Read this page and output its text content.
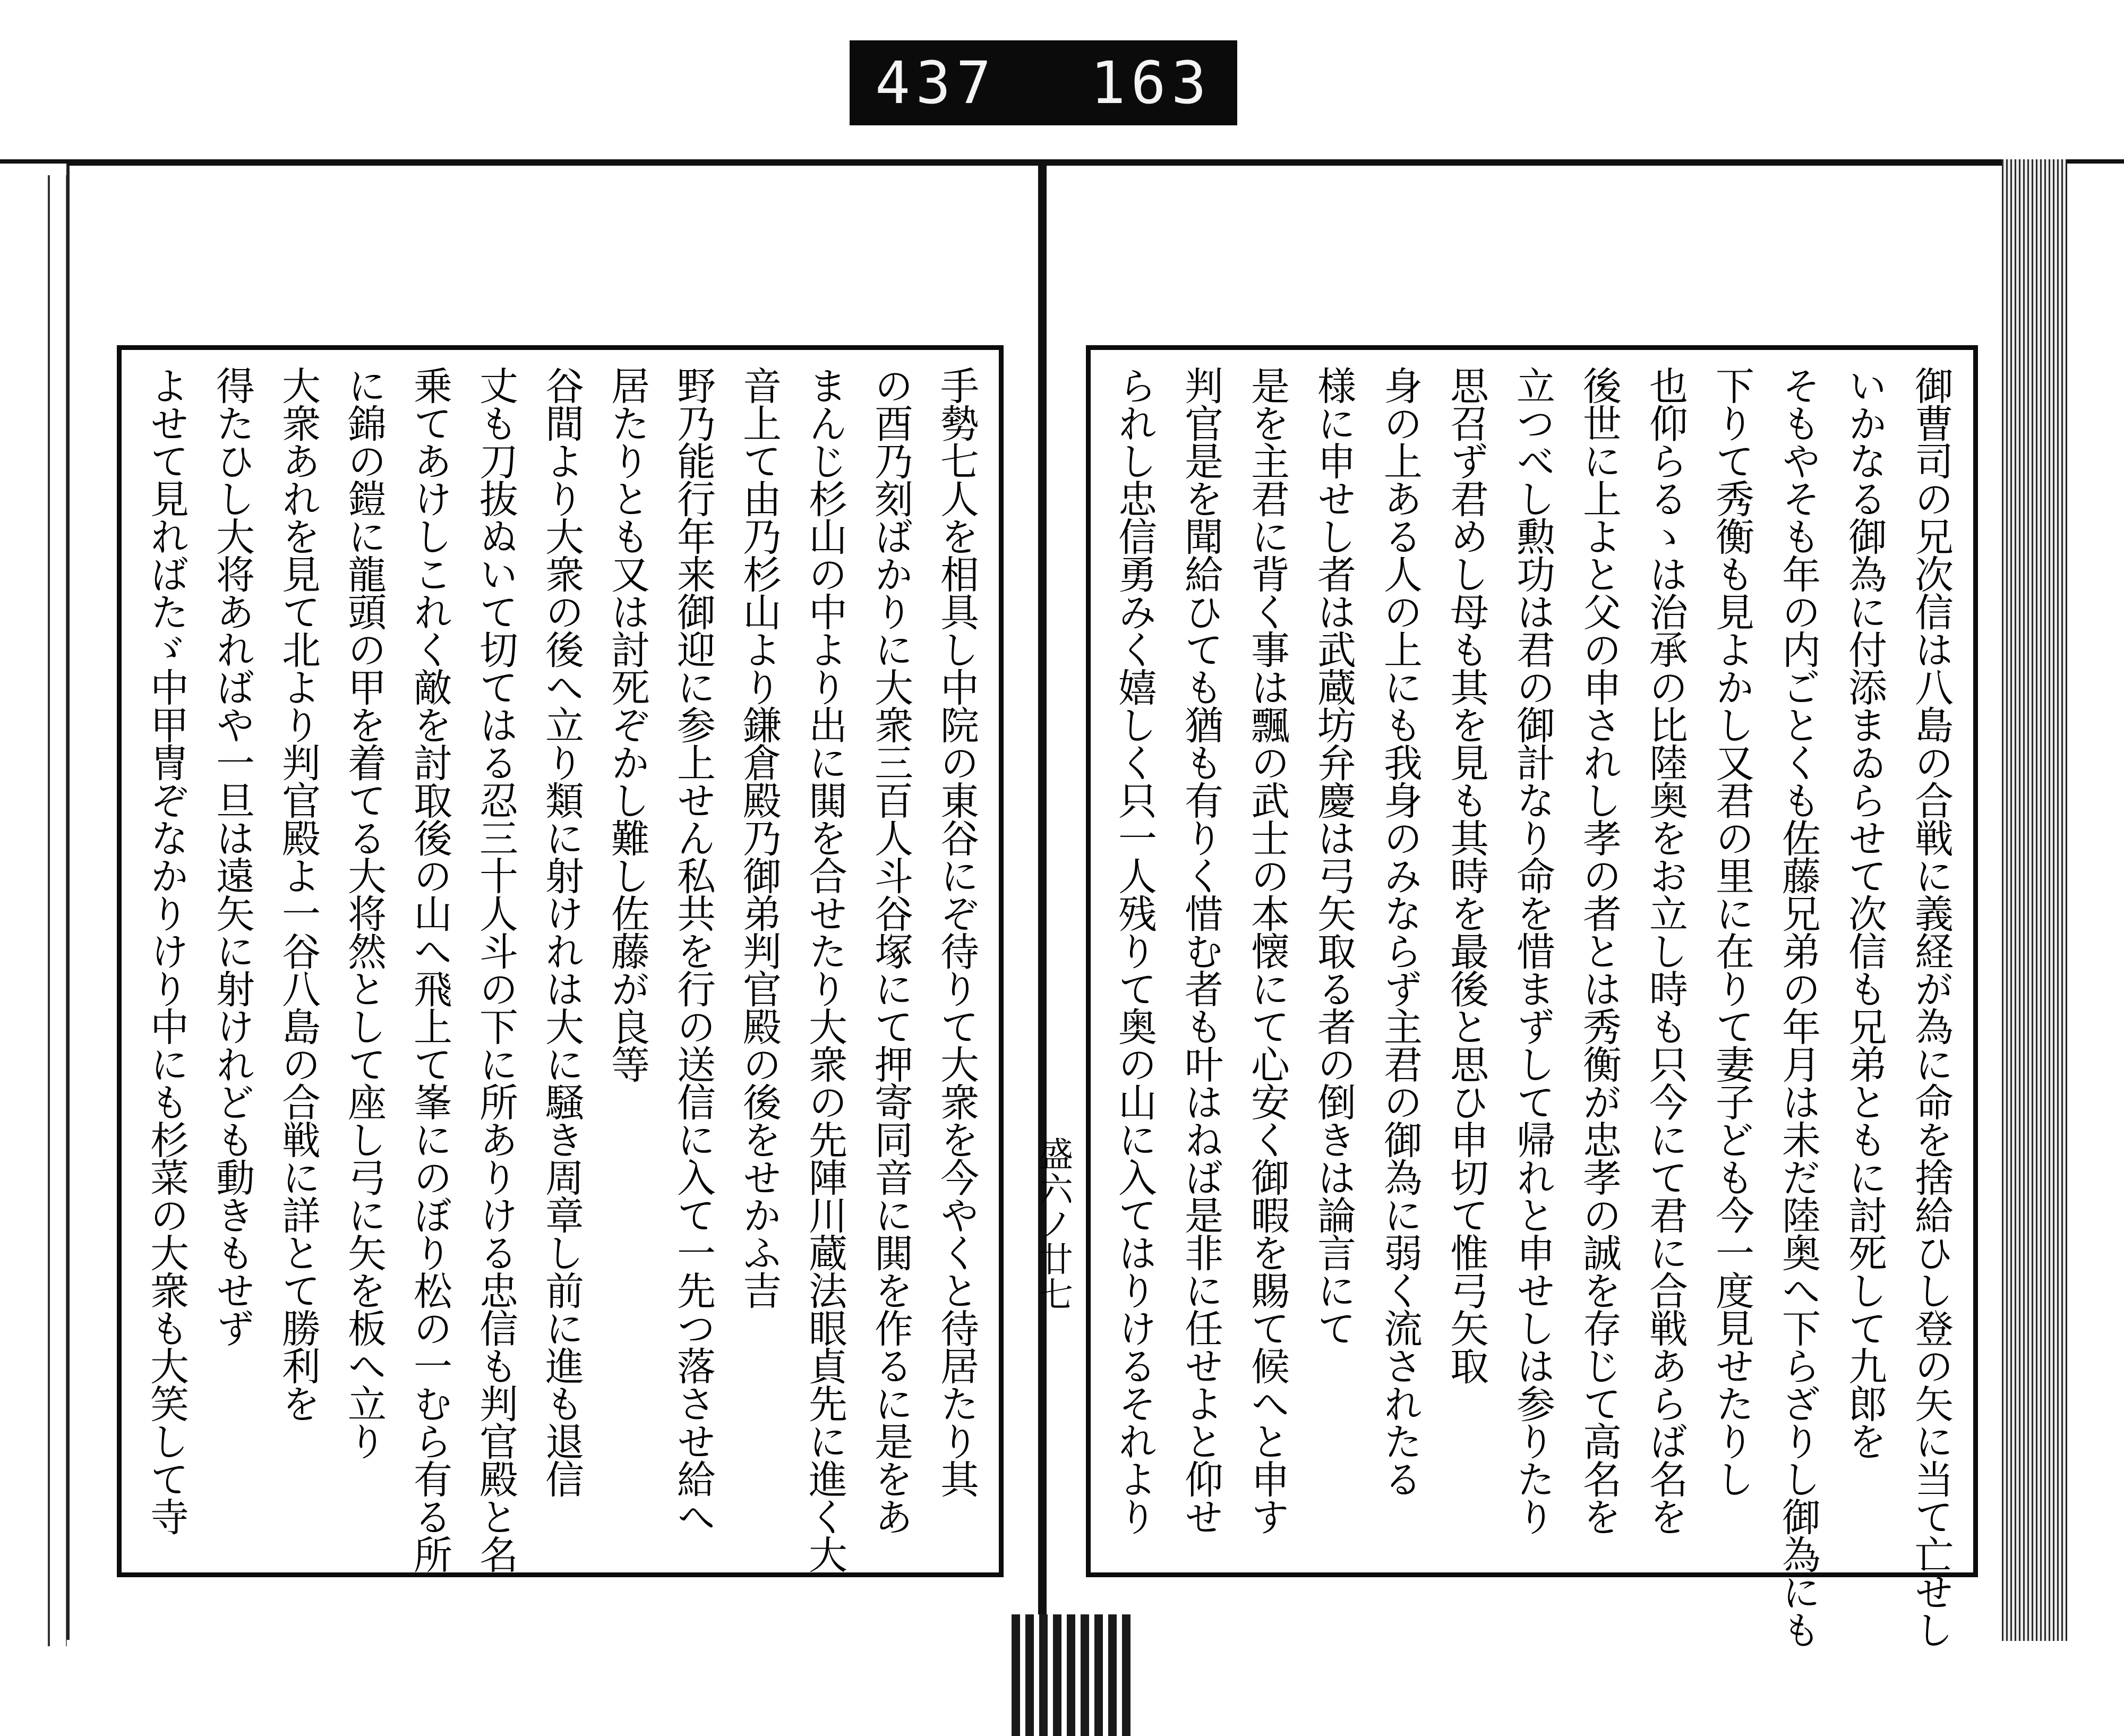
437 163
手勢七人を相具し中院の東谷にぞ待りて大衆を今やくと待居たり其
の酉乃刻ばかりに大衆三百人斗谷塚にて押寄同音に閧を作るに是をあ
まんじ杉山の中より出に閧を合せたり大衆の先陣川蔵法眼貞先に進く大
音上て由乃杉山より鎌倉殿乃御弟判官殿の後をせかふ吉
野乃能行年来御迎に参上せん私共を行の送信に入て一先つ落させ給へ
居たりとも又は討死ぞかし難し佐藤が良等
谷間より大衆の後へ立り類に射けれは大に騒き周章し前に進も退信
丈も刀抜ぬいて切てはる忍三十人斗の下に所ありける忠信も判官殿と名
乗てあけしこれく敵を討取後の山へ飛上て峯にのぼり松の一むら有る所
に錦の鎧に龍頭の甲を着てる大将然として座し弓に矢を板へ立り
大衆あれを見て北より判官殿よ一谷八島の合戦に詳とて勝利を
得たひし大将あればや一旦は遠矢に射けれども動きもせず
よせて見ればたゞ中甲冑ぞなかりけり中にも杉菜の大衆も大笑して寺	盛六ノ廿七	御曹司の兄次信は八島の合戦に義経が為に命を捨給ひし登の矢に当て亡せし
いかなる御為に付添まゐらせて次信も兄弟ともに討死して九郎を
そもやそも年の内ごとくも佐藤兄弟の年月は未だ陸奥へ下らざりし御為にも
下りて秀衡も見よかし又君の里に在りて妻子ども今一度見せたりし
也仰らるゝは治承の比陸奥をお立し時も只今にて君に合戦あらば名を
後世に上よと父の申されし孝の者とは秀衡が忠孝の誠を存じて高名を
立つべし勲功は君の御計なり命を惜まずして帰れと申せしは参りたり
思召ず君めし母も其を見も其時を最後と思ひ申切て惟弓矢取
身の上ある人の上にも我身のみならず主君の御為に弱く流されたる
様に申せし者は武蔵坊弁慶は弓矢取る者の倒きは論言にて
是を主君に背く事は飄の武士の本懐にて心安く御暇を賜て候へと申す
判官是を聞給ひても猶も有りく惜む者も叶はねば是非に任せよと仰せ
られし忠信勇みく嬉しく只一人残りて奥の山に入てはりけるそれより
